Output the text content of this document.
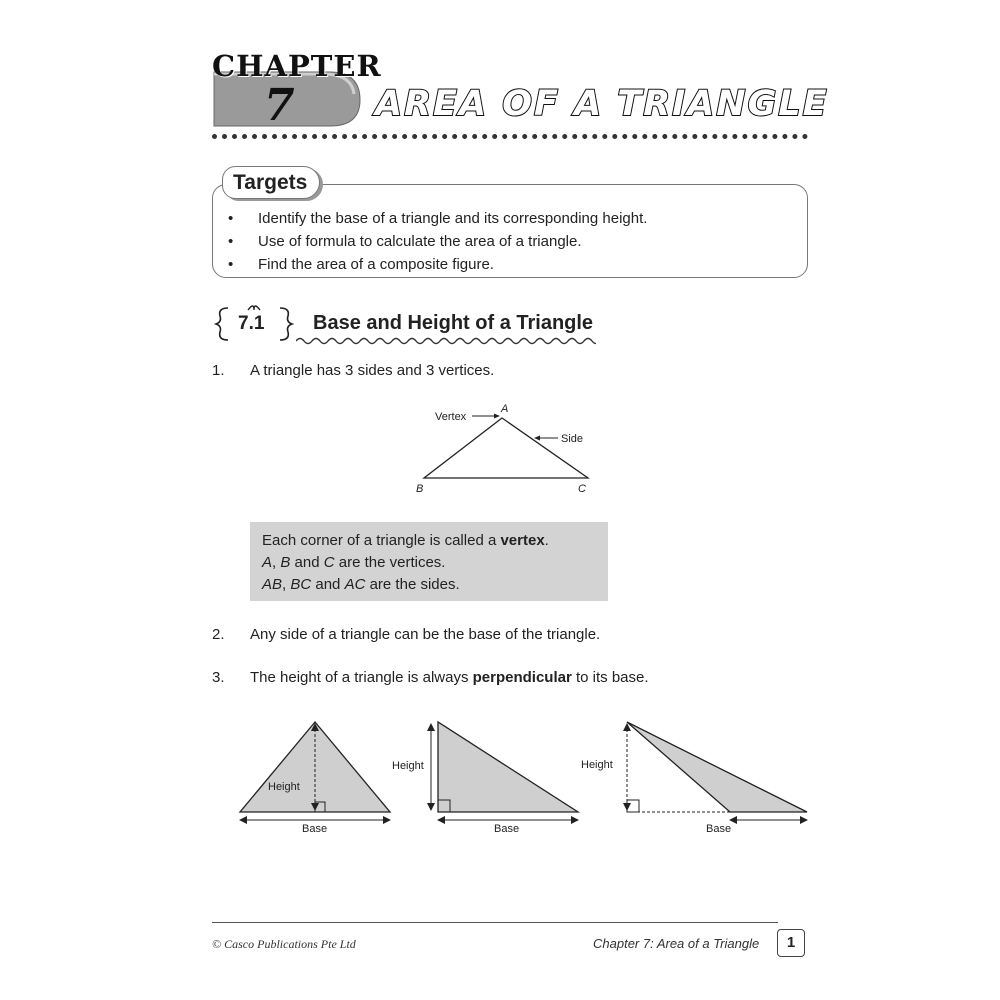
CHAPTER
7 AREA OF A TRIANGLE
Targets
• Identify the base of a triangle and its corresponding height.
• Use of formula to calculate the area of a triangle.
• Find the area of a composite figure.
7.1 Base and Height of a Triangle
1. A triangle has 3 sides and 3 vertices.
Vertex
A
Side
B	C
Each corner of a triangle is called a vertex.
A, B and C are the vertices.
AB, BC and AC are the sides.
2. Any side of a triangle can be the base of the triangle.
3. The height of a triangle is always perpendicular to its base.
Height
Base
Height
Base
Height
Base
© Casco Publications Pte Ltd	Chapter 7: Area of a Triangle	1
